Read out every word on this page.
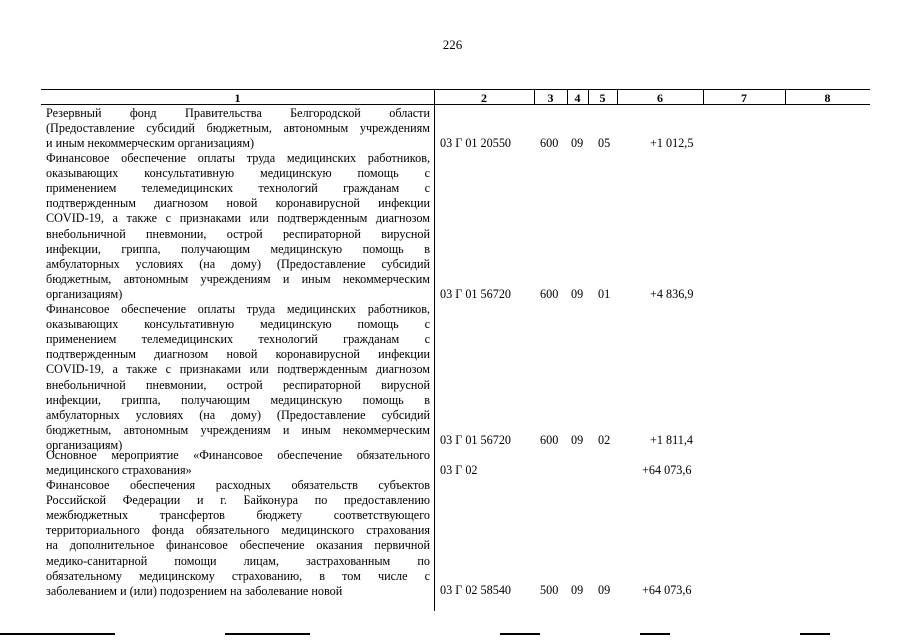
226
1	2	3	4	5	6	7	8
Резервный фонд Правительства Белгородской области
(Предоставление субсидий бюджетным, автономным учреждениям
и иным некоммерческим организациям)	03 Г 01 20550 600 09 05	+1 012,5
Финансовое обеспечение оплаты труда медицинских работников,
оказывающих консультативную медицинскую помощь с
применением телемедицинских технологий гражданам с
подтвержденным диагнозом новой коронавирусной инфекции
COVID-19, а также с признаками или подтвержденным диагнозом
внебольничной пневмонии, острой респираторной вирусной
инфекции, гриппа, получающим медицинскую помощь в
амбулаторных условиях (на дому) (Предоставление субсидий
бюджетным, автономным учреждениям и иным некоммерческим
организациям)	03 Г 01 56720 600 09 01	+4 836,9
Финансовое обеспечение оплаты труда медицинских работников,
оказывающих консультативную медицинскую помощь с
применением телемедицинских технологий гражданам с
подтвержденным диагнозом новой коронавирусной инфекции
COVID-19, а также с признаками или подтвержденным диагнозом
внебольничной пневмонии, острой респираторной вирусной
инфекции, гриппа, получающим медицинскую помощь в
амбулаторных условиях (на дому) (Предоставление субсидий
бюджетным, автономным учреждениям и иным некоммерческим
организациям)	03 Г 01 56720 600 09 02	+1 811,4
Основное мероприятие «Финансовое обеспечение обязательного
медицинского страхования»	03 Г 02	+64 073,6
Финансовое обеспечения расходных обязательств субъектов
Российской Федерации и г. Байконура по предоставлению
межбюджетных трансфертов бюджету соответствующего
территориального фонда обязательного медицинского страхования
на дополнительное финансовое обеспечение оказания первичной
медико-санитарной помощи лицам, застрахованным по
обязательному медицинскому страхованию, в том числе с
заболеванием и (или) подозрением на заболевание новой	03 Г 02 58540 500 09 09	+64 073,6
